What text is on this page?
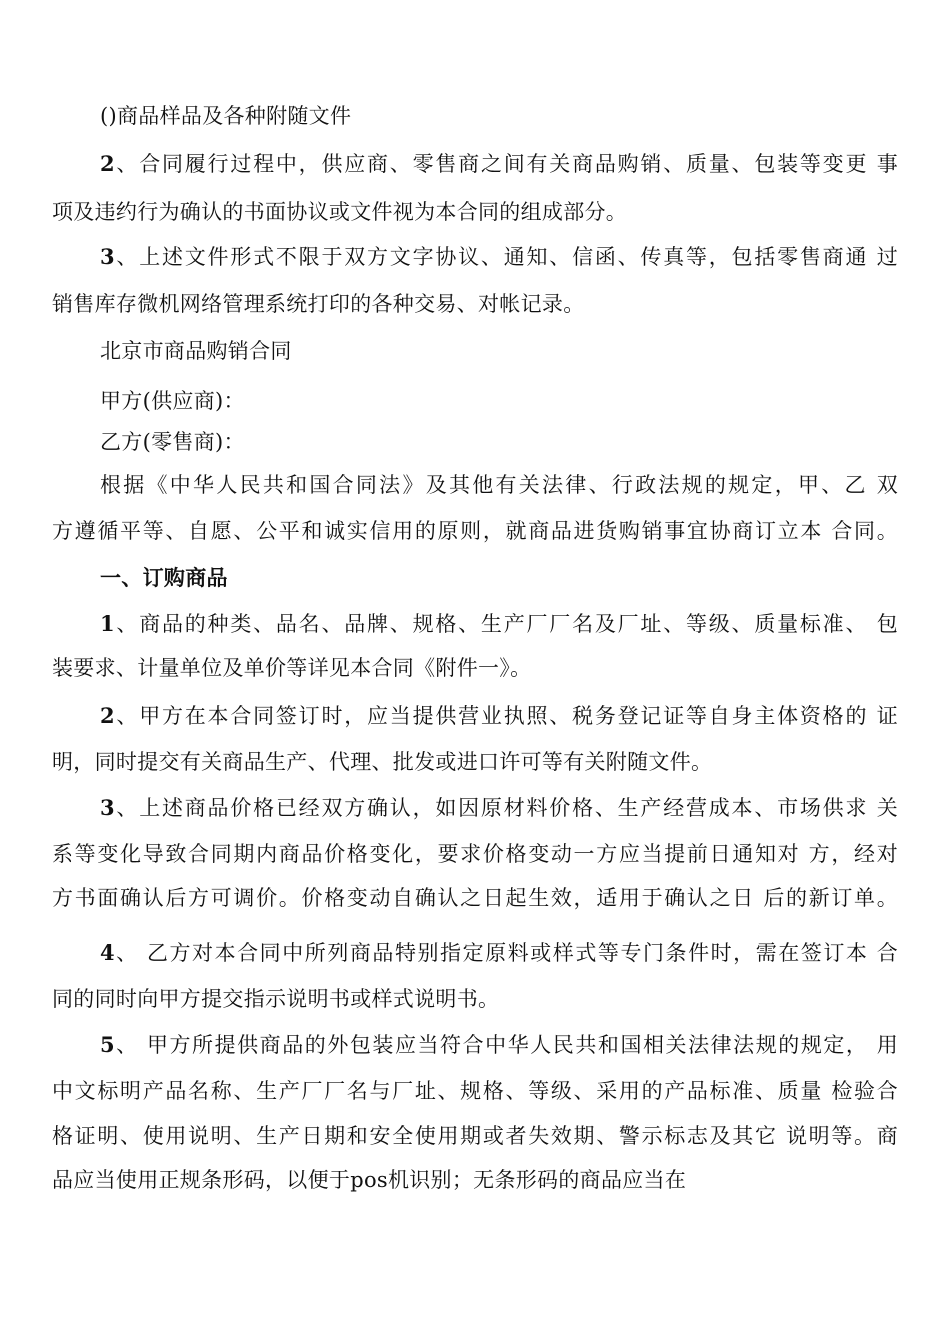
()商品样品及各种附随文件
2、合同履行过程中，供应商、零售商之间有关商品购销、质量、包装等变更 事
项及违约行为确认的书面协议或文件视为本合同的组成部分。
3、上述文件形式不限于双方文字协议、通知、信函、传真等，包括零售商通 过
销售库存微机网络管理系统打印的各种交易、对帐记录。
北京市商品购销合同
甲方(供应商)：
乙方(零售商)：
根据《中华人民共和国合同法》及其他有关法律、行政法规的规定，甲、乙 双
方遵循平等、自愿、公平和诚实信用的原则，就商品进货购销事宜协商订立本 合同。
一、订购商品
1、商品的种类、品名、品牌、规格、生产厂厂名及厂址、等级、质量标准、 包
装要求、计量单位及单价等详见本合同《附件一》。
2、甲方在本合同签订时，应当提供营业执照、税务登记证等自身主体资格的 证
明，同时提交有关商品生产、代理、批发或进口许可等有关附随文件。
3、上述商品价格已经双方确认，如因原材料价格、生产经营成本、市场供求 关
系等变化导致合同期内商品价格变化，要求价格变动一方应当提前日通知对 方，经对
方书面确认后方可调价。价格变动自确认之日起生效，适用于确认之日 后的新订单。
4、 乙方对本合同中所列商品特别指定原料或样式等专门条件时，需在签订本 合
同的同时向甲方提交指示说明书或样式说明书。
5、 甲方所提供商品的外包装应当符合中华人民共和国相关法律法规的规定， 用
中文标明产品名称、生产厂厂名与厂址、规格、等级、采用的产品标准、质量 检验合
格证明、使用说明、生产日期和安全使用期或者失效期、警示标志及其它 说明等。商
品应当使用正规条形码，以便于pos机识别；无条形码的商品应当在
